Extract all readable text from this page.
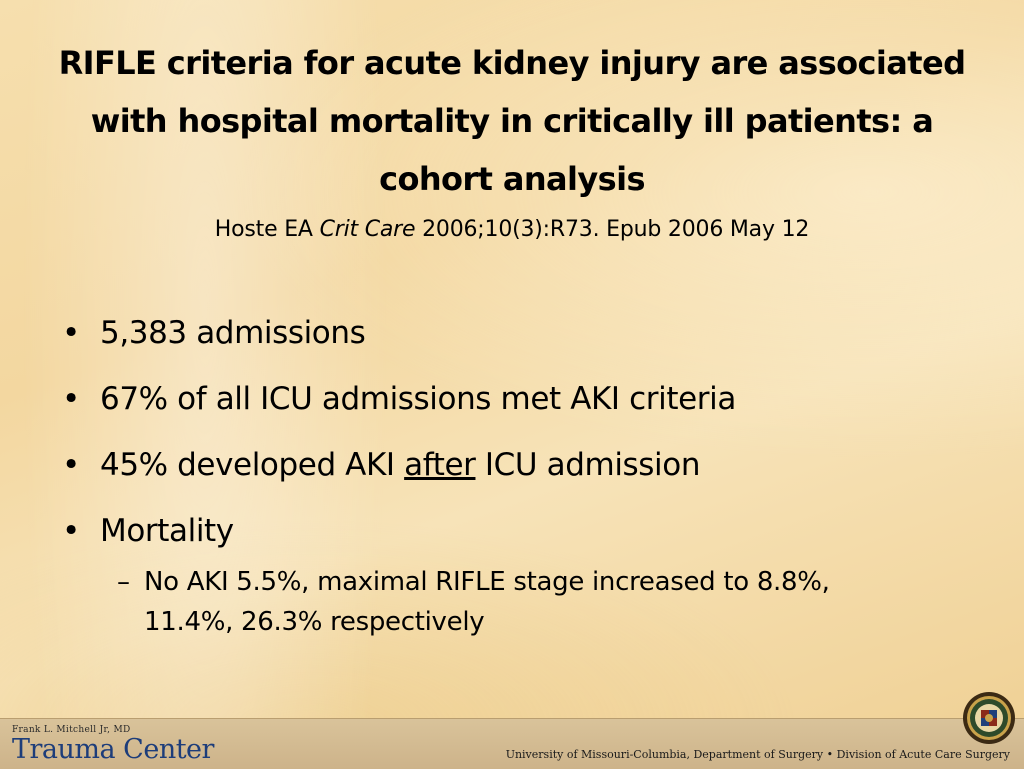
RIFLE criteria for acute kidney injury are associated with hospital mortality in critically ill patients: a cohort analysis
Hoste EA Crit Care 2006;10(3):R73. Epub 2006 May 12
• 5,383 admissions
• 67% of all ICU admissions met AKI criteria
• 45% developed AKI after ICU admission
• Mortality
– No AKI 5.5%, maximal RIFLE stage increased to 8.8%, 11.4%, 26.3% respectively
Frank L. Mitchell Jr, MD
Trauma Center	University of Missouri-Columbia, Department of Surgery • Division of Acute Care Surgery
